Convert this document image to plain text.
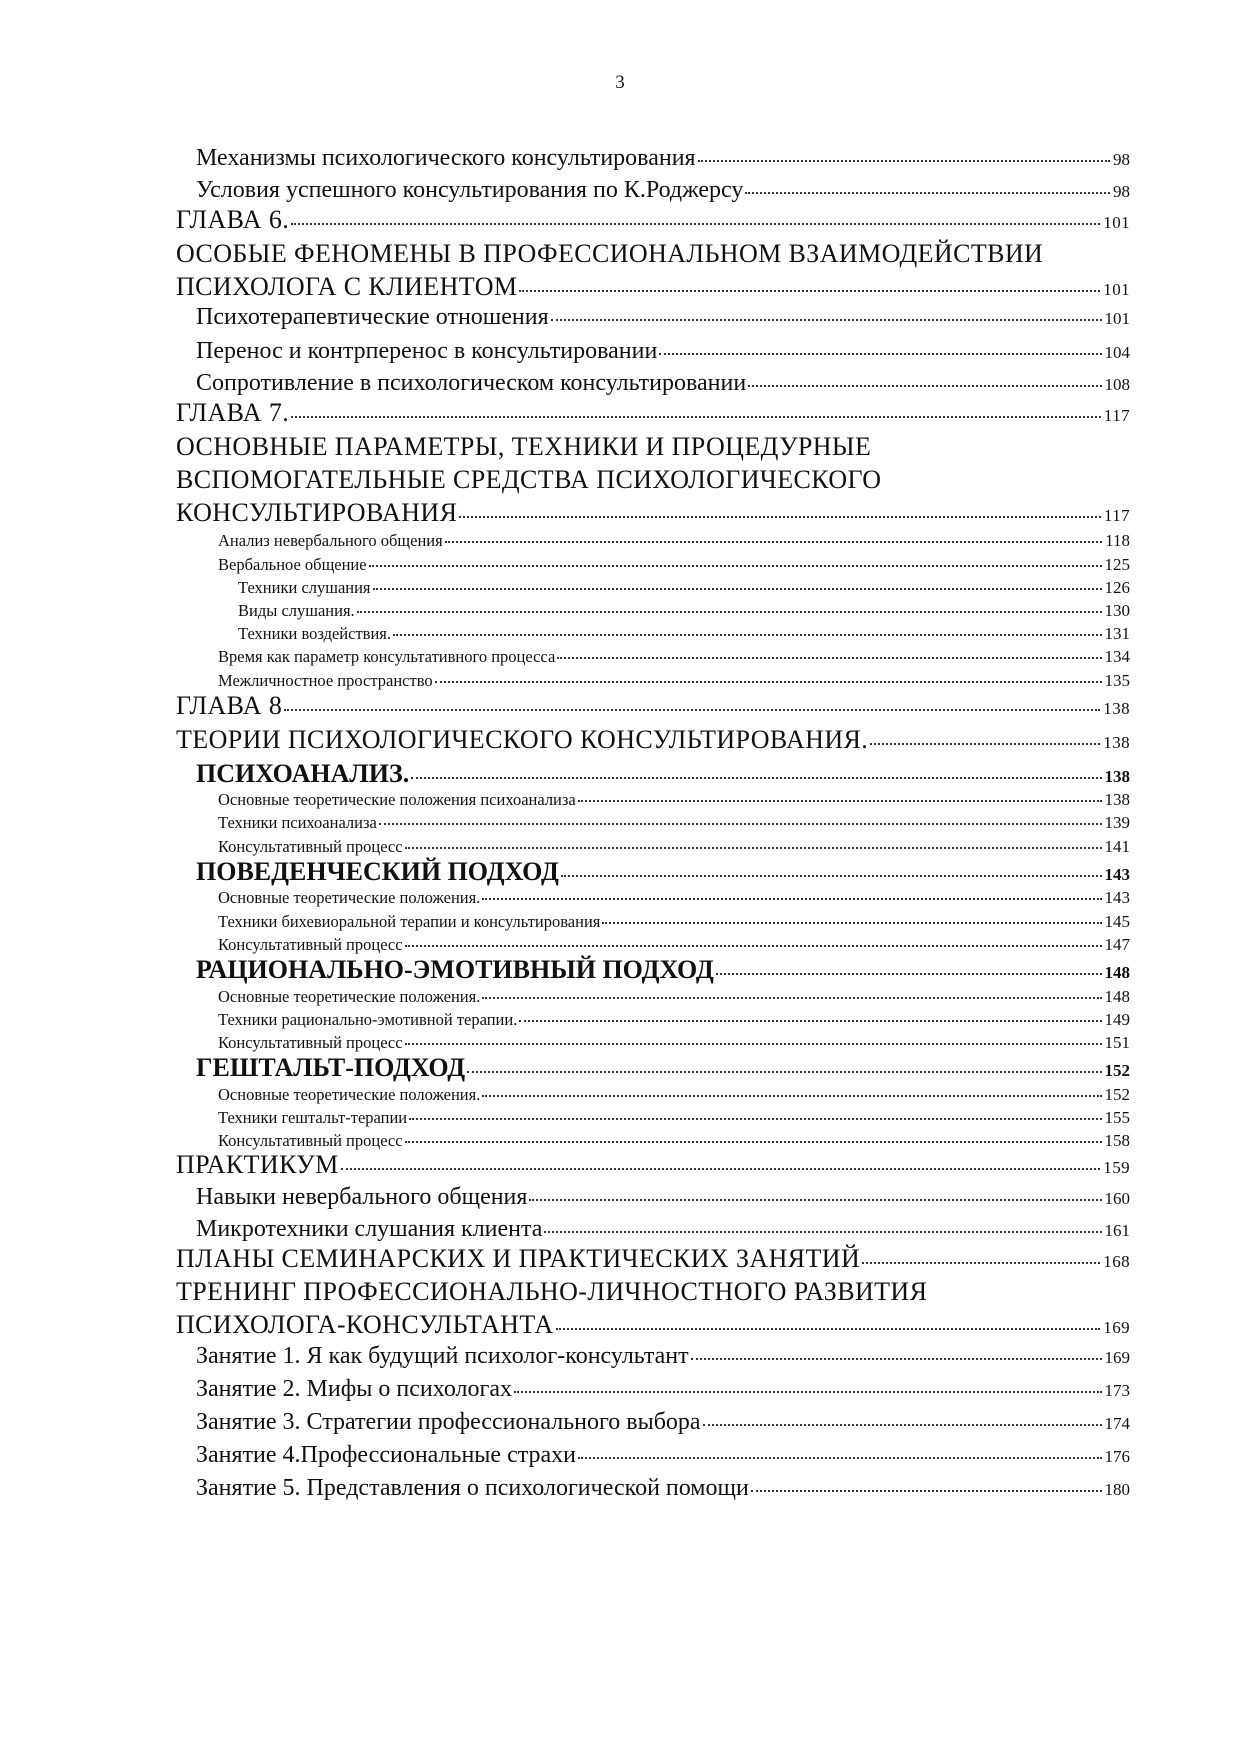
3
Механизмы психологического консультирования	98
Условия успешного консультирования по К.Роджерсу	98
ГЛАВА 6.	101
ОСОБЫЕ ФЕНОМЕНЫ В ПРОФЕССИОНАЛЬНОМ ВЗАИМОДЕЙСТВИИ
ПСИХОЛОГА С КЛИЕНТОМ	101
Психотерапевтические отношения	101
Перенос и контрперенос в консультировании	104
Сопротивление в психологическом консультировании	108
ГЛАВА 7.	117
ОСНОВНЫЕ ПАРАМЕТРЫ, ТЕХНИКИ И ПРОЦЕДУРНЫЕ
ВСПОМОГАТЕЛЬНЫЕ СРЕДСТВА ПСИХОЛОГИЧЕСКОГО
КОНСУЛЬТИРОВАНИЯ	117
Анализ невербального общения	118
Вербальное общение	125
Техники слушания	126
Виды слушания.	130
Техники воздействия.	131
Время как параметр консультативного процесса	134
Межличностное пространство	135
ГЛАВА 8	138
ТЕОРИИ ПСИХОЛОГИЧЕСКОГО КОНСУЛЬТИРОВАНИЯ.	138
ПСИХОАНАЛИЗ.	138
Основные теоретические положения психоанализа	138
Техники психоанализа	139
Консультативный процесс	141
ПОВЕДЕНЧЕСКИЙ ПОДХОД	143
Основные теоретические положения.	143
Техники бихевиоральной терапии и консультирования	145
Консультативный процесс	147
РАЦИОНАЛЬНО-ЭМОТИВНЫЙ ПОДХОД	148
Основные теоретические положения.	148
Техники рационально-эмотивной терапии.	149
Консультативный процесс	151
ГЕШТАЛЬТ-ПОДХОД	152
Основные теоретические положения.	152
Техники гештальт-терапии	155
Консультативный процесс	158
ПРАКТИКУМ	159
Навыки невербального общения	160
Микротехники слушания клиента	161
ПЛАНЫ СЕМИНАРСКИХ И ПРАКТИЧЕСКИХ ЗАНЯТИЙ	168
ТРЕНИНГ ПРОФЕССИОНАЛЬНО-ЛИЧНОСТНОГО РАЗВИТИЯ
ПСИХОЛОГА-КОНСУЛЬТАНТА	169
Занятие 1. Я как будущий психолог-консультант	169
Занятие 2. Мифы о психологах	173
Занятие 3. Стратегии профессионального выбора	174
Занятие 4.Профессиональные страхи	176
Занятие 5. Представления о психологической помощи	180
